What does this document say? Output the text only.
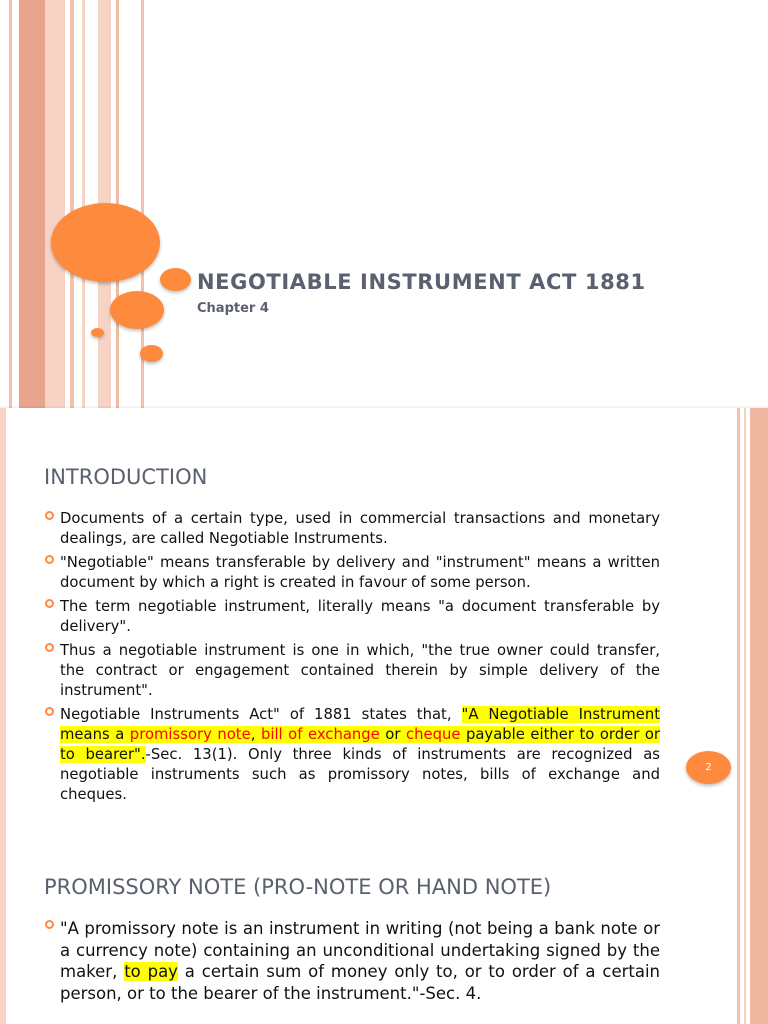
NEGOTIABLE INSTRUMENT ACT 1881
Chapter 4
INTRODUCTION
Documents of a certain type, used in commercial transactions and monetary dealings, are called Negotiable Instruments.
"Negotiable" means transferable by delivery and "instrument" means a written document by which a right is created in favour of some person.
The term negotiable instrument, literally means "a document transferable by delivery".
Thus a negotiable instrument is one in which, "the true owner could transfer, the contract or engagement contained therein by simple delivery of the instrument".
Negotiable Instruments Act" of 1881 states that, "A Negotiable Instrument means a promissory note, bill of exchange or cheque payable either to order or to bearer".-Sec. 13(1). Only three kinds of instruments are recognized as negotiable instruments such as promissory notes, bills of exchange and cheques.
2
PROMISSORY NOTE (PRO-NOTE OR HAND NOTE)
"A promissory note is an instrument in writing (not being a bank note or a currency note) containing an unconditional undertaking signed by the maker, to pay a certain sum of money only to, or to order of a certain person, or to the bearer of the instrument."-Sec. 4.
